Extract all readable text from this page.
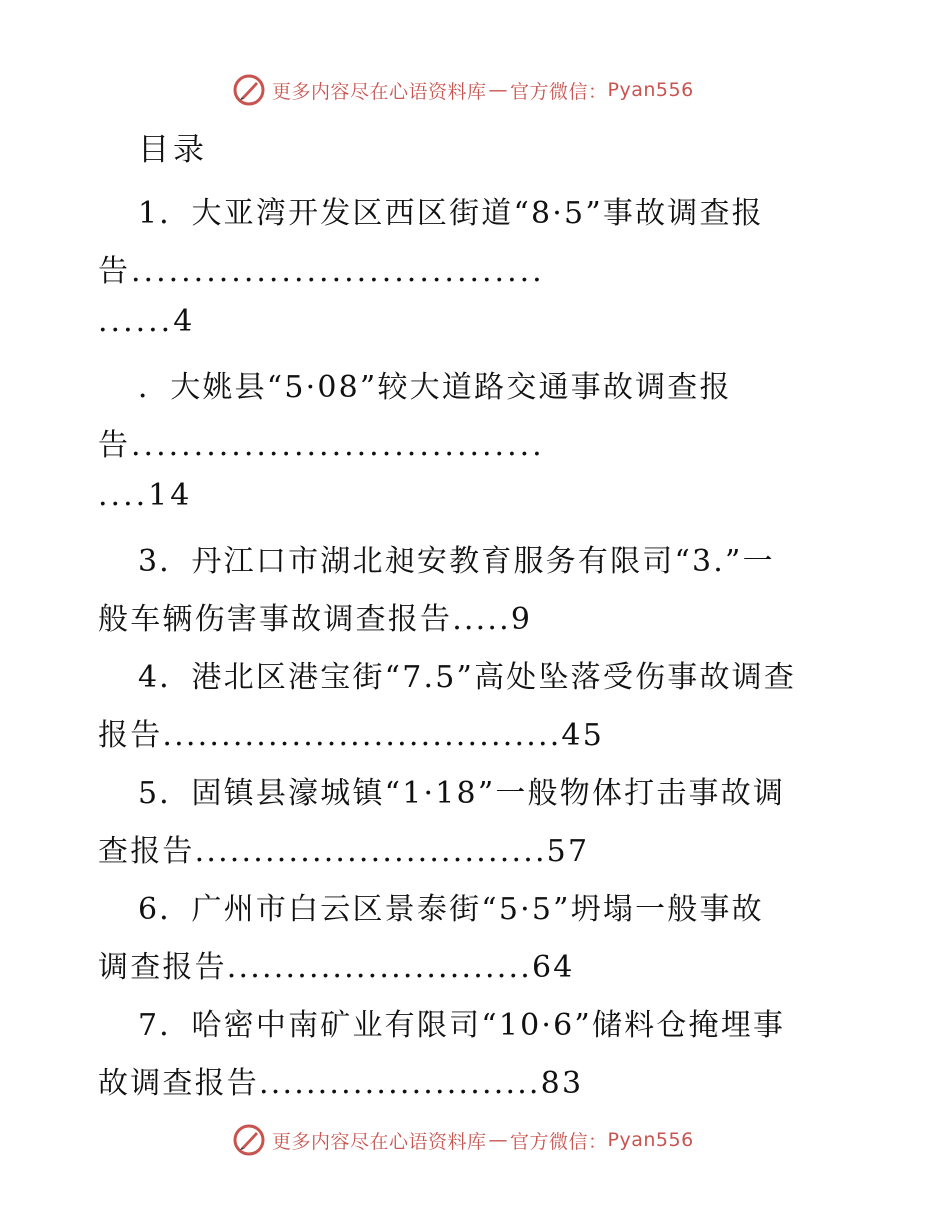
更多内容尽在心语资料库 — 官方微信： Pyan556
目录
1．大亚湾开发区西区街道“8·5”事故调查报
告.................................
......4
．大姚县“5·08”较大道路交通事故调查报
告.................................
....14
3．丹江口市湖北昶安教育服务有限司“3.”一
般车辆伤害事故调查报告.....9
4．港北区港宝街“7.5”高处坠落受伤事故调查
报告..................................45
5．固镇县濠城镇“1·18”一般物体打击事故调
查报告..............................57
6．广州市白云区景泰街“5·5”坍塌一般事故
调查报告..........................64
7．哈密中南矿业有限司“10·6”储料仓掩埋事
故调查报告........................83
更多内容尽在心语资料库 — 官方微信： Pyan556
